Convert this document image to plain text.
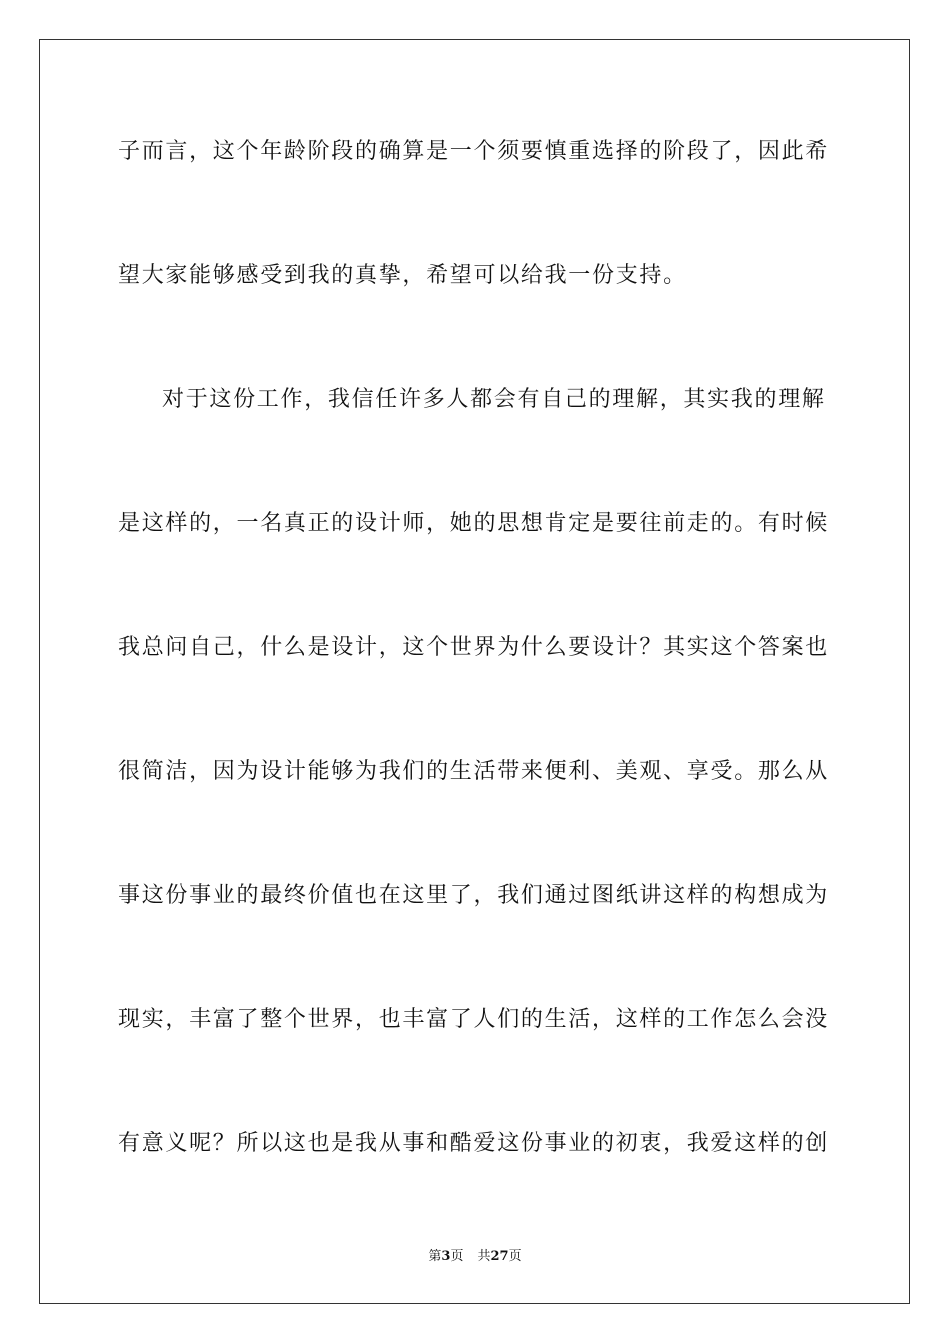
子而言，这个年龄阶段的确算是一个须要慎重选择的阶段了，因此希
望大家能够感受到我的真挚，希望可以给我一份支持。
对于这份工作，我信任许多人都会有自己的理解，其实我的理解
是这样的，一名真正的设计师，她的思想肯定是要往前走的。有时候
我总问自己，什么是设计，这个世界为什么要设计？其实这个答案也
很简洁，因为设计能够为我们的生活带来便利、美观、享受。那么从
事这份事业的最终价值也在这里了，我们通过图纸讲这样的构想成为
现实，丰富了整个世界，也丰富了人们的生活，这样的工作怎么会没
有意义呢？所以这也是我从事和酷爱这份事业的初衷，我爱这样的创
第3页 共27页
